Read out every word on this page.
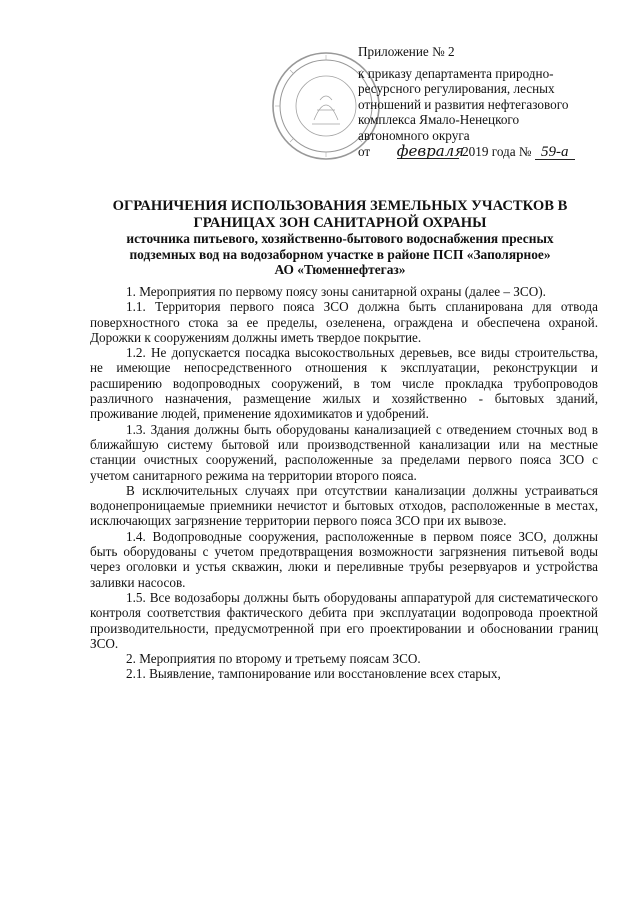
Приложение № 2
к приказу департамента природно-
ресурсного регулирования, лесных
отношений и развития нефтегазового
комплекса Ямало-Ненецкого
автономного округа
от февраля 2019 года № 59-а
ОГРАНИЧЕНИЯ ИСПОЛЬЗОВАНИЯ ЗЕМЕЛЬНЫХ УЧАСТКОВ В
ГРАНИЦАХ ЗОН САНИТАРНОЙ ОХРАНЫ
источника питьевого, хозяйственно-бытового водоснабжения пресных
подземных вод на водозаборном участке в районе ПСП «Заполярное»
АО «Тюменнефтегаз»

1. Мероприятия по первому поясу зоны санитарной охраны (далее – ЗСО).

1.1. Территория первого пояса ЗСО должна быть спланирована для отвода поверхностного стока за ее пределы, озеленена, ограждена и обеспечена охраной. Дорожки к сооружениям должны иметь твердое покрытие.

1.2. Не допускается посадка высокоствольных деревьев, все виды строительства, не имеющие непосредственного отношения к эксплуатации, реконструкции и расширению водопроводных сооружений, в том числе прокладка трубопроводов различного назначения, размещение жилых и хозяйственно - бытовых зданий, проживание людей, применение ядохимикатов и удобрений.

1.3. Здания должны быть оборудованы канализацией с отведением сточных вод в ближайшую систему бытовой или производственной канализации или на местные станции очистных сооружений, расположенные за пределами первого пояса ЗСО с учетом санитарного режима на территории второго пояса.

В исключительных случаях при отсутствии канализации должны устраиваться водонепроницаемые приемники нечистот и бытовых отходов, расположенные в местах, исключающих загрязнение территории первого пояса ЗСО при их вывозе.

1.4. Водопроводные сооружения, расположенные в первом поясе ЗСО, должны быть оборудованы с учетом предотвращения возможности загрязнения питьевой воды через оголовки и устья скважин, люки и переливные трубы резервуаров и устройства заливки насосов.

1.5. Все водозаборы должны быть оборудованы аппаратурой для систематического контроля соответствия фактического дебита при эксплуатации водопровода проектной производительности, предусмотренной при его проектировании и обосновании границ ЗСО.

2. Мероприятия по второму и третьему поясам ЗСО.

2.1. Выявление, тампонирование или восстановление всех старых,
